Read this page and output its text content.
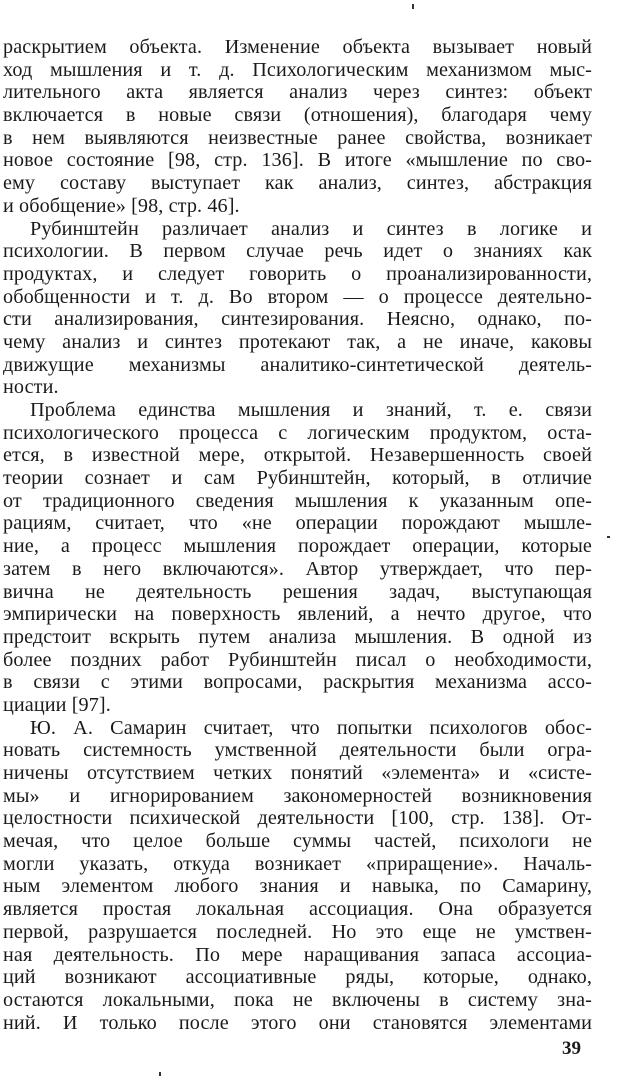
раскрытием объекта. Изменение объекта вызывает новый
ход мышления и т. д. Психологическим механизмом мыс-
лительного акта является анализ через синтез: объект
включается в новые связи (отношения), благодаря чему
в нем выявляются неизвестные ранее свойства, возникает
новое состояние [98, стр. 136]. В итоге «мышление по сво-
ему составу выступает как анализ, синтез, абстракция
и обобщение» [98, стр. 46].
Рубинштейн различает анализ и синтез в логике и
психологии. В первом случае речь идет о знаниях как
продуктах, и следует говорить о проанализированности,
обобщенности и т. д. Во втором — о процессе деятельно-
сти анализирования, синтезирования. Неясно, однако, по-
чему анализ и синтез протекают так, а не иначе, каковы
движущие механизмы аналитико-синтетической деятель-
ности.
Проблема единства мышления и знаний, т. е. связи
психологического процесса с логическим продуктом, оста-
ется, в известной мере, открытой. Незавершенность своей
теории сознает и сам Рубинштейн, который, в отличие
от традиционного сведения мышления к указанным опе-
рациям, считает, что «не операции порождают мышле-
ние, а процесс мышления порождает операции, которые
затем в него включаются». Автор утверждает, что пер-
вична не деятельность решения задач, выступающая
эмпирически на поверхность явлений, а нечто другое, что
предстоит вскрыть путем анализа мышления. В одной из
более поздних работ Рубинштейн писал о необходимости,
в связи с этими вопросами, раскрытия механизма ассо-
циации [97].
Ю. А. Самарин считает, что попытки психологов обос-
новать системность умственной деятельности были огра-
ничены отсутствием четких понятий «элемента» и «систе-
мы» и игнорированием закономерностей возникновения
целостности психической деятельности [100, стр. 138]. От-
мечая, что целое больше суммы частей, психологи не
могли указать, откуда возникает «приращение». Началь-
ным элементом любого знания и навыка, по Самарину,
является простая локальная ассоциация. Она образуется
первой, разрушается последней. Но это еще не умствен-
ная деятельность. По мере наращивания запаса ассоциа-
ций возникают ассоциативные ряды, которые, однако,
остаются локальными, пока не включены в систему зна-
ний. И только после этого они становятся элементами
39
